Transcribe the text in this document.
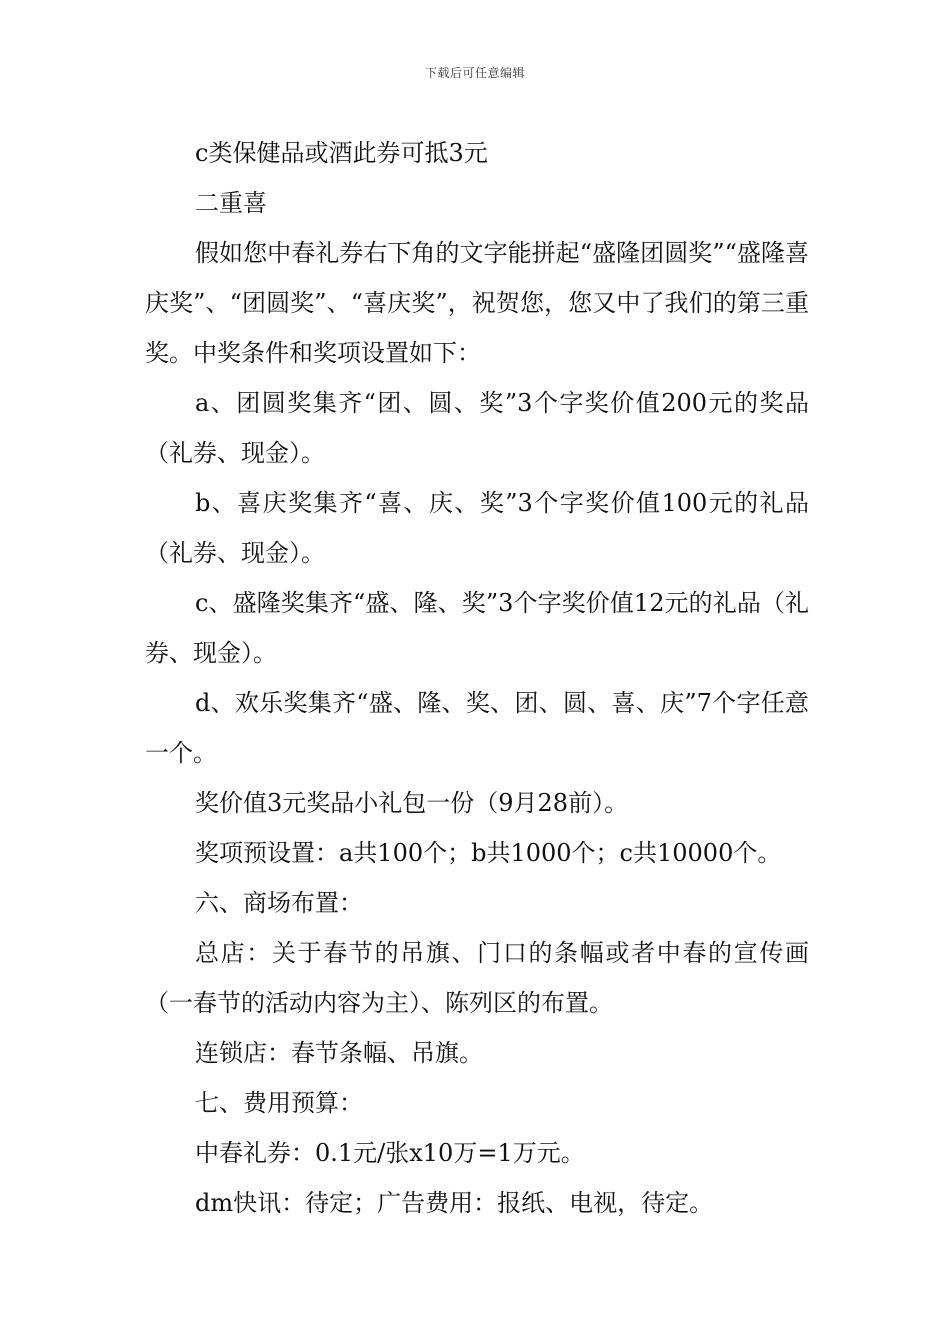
下载后可任意编辑

c类保健品或酒此券可抵3元

二重喜

假如您中春礼券右下角的文字能拼起“盛隆团圆奖”“盛隆喜庆奖”、“团圆奖”、“喜庆奖”，祝贺您，您又中了我们的第三重奖。中奖条件和奖项设置如下：

a、团圆奖集齐“团、圆、奖”3个字奖价值200元的奖品（礼券、现金）。

b、喜庆奖集齐“喜、庆、奖”3个字奖价值100元的礼品（礼券、现金）。

c、盛隆奖集齐“盛、隆、奖”3个字奖价值12元的礼品（礼券、现金）。

d、欢乐奖集齐“盛、隆、奖、团、圆、喜、庆”7个字任意一个。

奖价值3元奖品小礼包一份（9月28前）。

奖项预设置：a共100个；b共1000个；c共10000个。

六、商场布置：

总店：关于春节的吊旗、门口的条幅或者中春的宣传画（一春节的活动内容为主）、陈列区的布置。

连锁店：春节条幅、吊旗。

七、费用预算：

中春礼券：0.1元/张x10万=1万元。

dm快讯：待定；广告费用：报纸、电视，待定。
